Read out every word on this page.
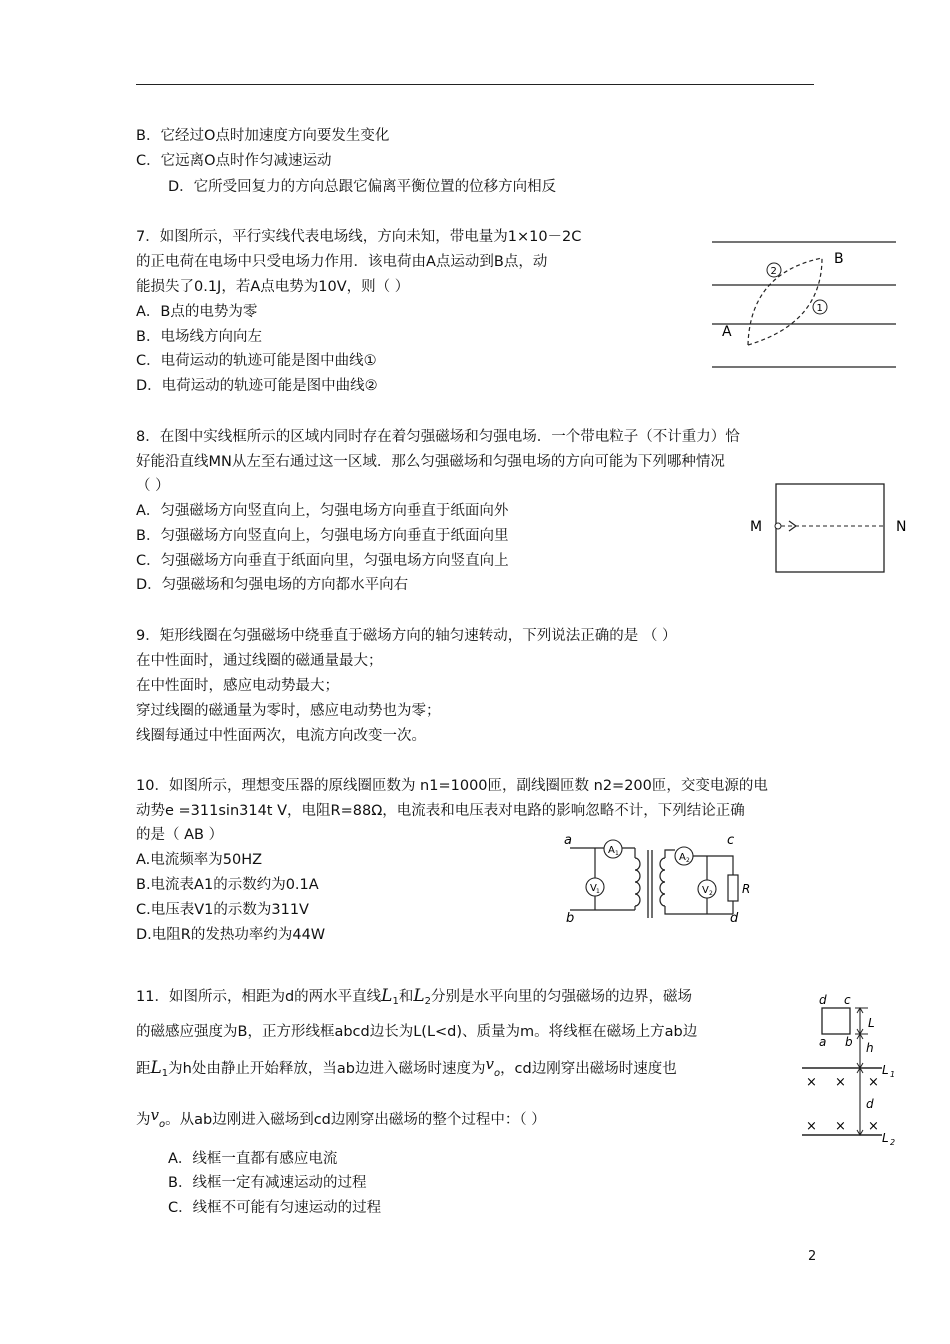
B．它经过O点时加速度方向要发生变化
C．它远离O点时作匀减速运动
D．它所受回复力的方向总跟它偏离平衡位置的位移方向相反
7．如图所示，平行实线代表电场线，方向未知，带电量为1×10－2C
的正电荷在电场中只受电场力作用．该电荷由A点运动到B点，动
能损失了0.1J，若A点电势为10V，则（ ）
A．B点的电势为零
B．电场线方向向左
C．电荷运动的轨迹可能是图中曲线①
D．电荷运动的轨迹可能是图中曲线②
B
A
2
1
8．在图中实线框所示的区域内同时存在着匀强磁场和匀强电场．一个带电粒子（不计重力）恰
好能沿直线MN从左至右通过这一区域．那么匀强磁场和匀强电场的方向可能为下列哪种情况
（ ）
A．匀强磁场方向竖直向上，匀强电场方向垂直于纸面向外
B．匀强磁场方向竖直向上，匀强电场方向垂直于纸面向里
C．匀强磁场方向垂直于纸面向里，匀强电场方向竖直向上
D．匀强磁场和匀强电场的方向都水平向右
M	N
9．矩形线圈在匀强磁场中绕垂直于磁场方向的轴匀速转动，下列说法正确的是 （ ）
在中性面时，通过线圈的磁通量最大；
在中性面时，感应电动势最大；
穿过线圈的磁通量为零时，感应电动势也为零；
线圈每通过中性面两次，电流方向改变一次。
10．如图所示，理想变压器的原线圈匝数为 n1=1000匝，副线圈匝数 n2=200匝，交变电源的电
动势e =311sin314t V，电阻R=88Ω，电流表和电压表对电路的影响忽略不计，下列结论正确
的是（ AB ）
A.电流频率为50HZ
B.电流表A1的示数约为0.1A
C.电压表V1的示数为311V
D.电阻R的发热功率约为44W
a
b
c
d
V 1
A 1	A 2
V 2 R
11．如图所示，相距为d的两水平直线$L_1$和$L_2$分别是水平向里的匀强磁场的边界，磁场
的磁感应强度为B，正方形线框abcd边长为L(L<d)、质量为m。将线框在磁场上方ab边
距$L_1$为h处由静止开始释放，当ab边进入磁场时速度为$v_o$，cd边刚穿出磁场时速度也
为$v_o$。从ab边刚进入磁场到cd边刚穿出磁场的整个过程中：（ ）
A．线框一直都有感应电流
B．线框一定有减速运动的过程
C．线框不可能有匀速运动的过程
d c
a b
L
h
d
L 1
L 2
× × ×
× × ×
2
